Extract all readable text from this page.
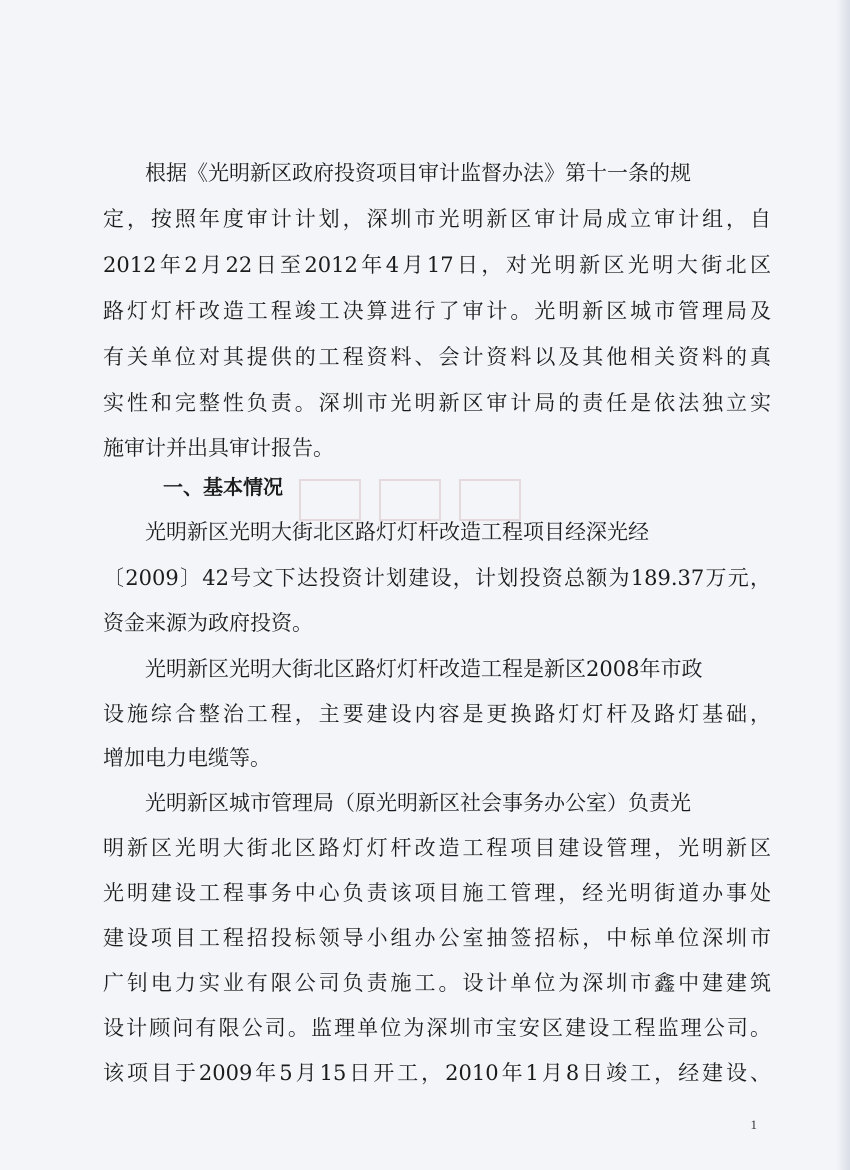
根据《光明新区政府投资项目审计监督办法》第十一条的规
定，按照年度审计计划，深圳市光明新区审计局成立审计组，自
2012年2月22日至2012年4月17日，对光明新区光明大街北区
路灯灯杆改造工程竣工决算进行了审计。光明新区城市管理局及
有关单位对其提供的工程资料、会计资料以及其他相关资料的真
实性和完整性负责。深圳市光明新区审计局的责任是依法独立实
施审计并出具审计报告。
一、基本情况
光明新区光明大街北区路灯灯杆改造工程项目经深光经
〔2009〕42号文下达投资计划建设，计划投资总额为189.37万元，
资金来源为政府投资。
光明新区光明大街北区路灯灯杆改造工程是新区2008年市政
设施综合整治工程，主要建设内容是更换路灯灯杆及路灯基础，
增加电力电缆等。
光明新区城市管理局（原光明新区社会事务办公室）负责光
明新区光明大街北区路灯灯杆改造工程项目建设管理，光明新区
光明建设工程事务中心负责该项目施工管理，经光明街道办事处
建设项目工程招投标领导小组办公室抽签招标，中标单位深圳市
广钊电力实业有限公司负责施工。设计单位为深圳市鑫中建建筑
设计顾问有限公司。监理单位为深圳市宝安区建设工程监理公司。
该项目于2009年5月15日开工，2010年1月8日竣工，经建设、
1
